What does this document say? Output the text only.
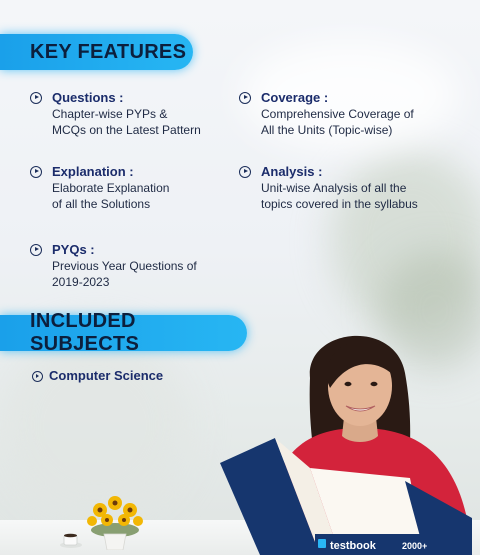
KEY FEATURES
Questions :
Chapter-wise PYPs &
MCQs on the Latest Pattern
Coverage :
Comprehensive Coverage of
All the Units (Topic-wise)
Explanation :
Elaborate Explanation
of all the Solutions
Analysis :
Unit-wise Analysis of all the
topics covered in the syllabus
PYQs :
Previous Year Questions of
2019-2023
INCLUDED SUBJECTS
Computer Science
testbook	2000+
